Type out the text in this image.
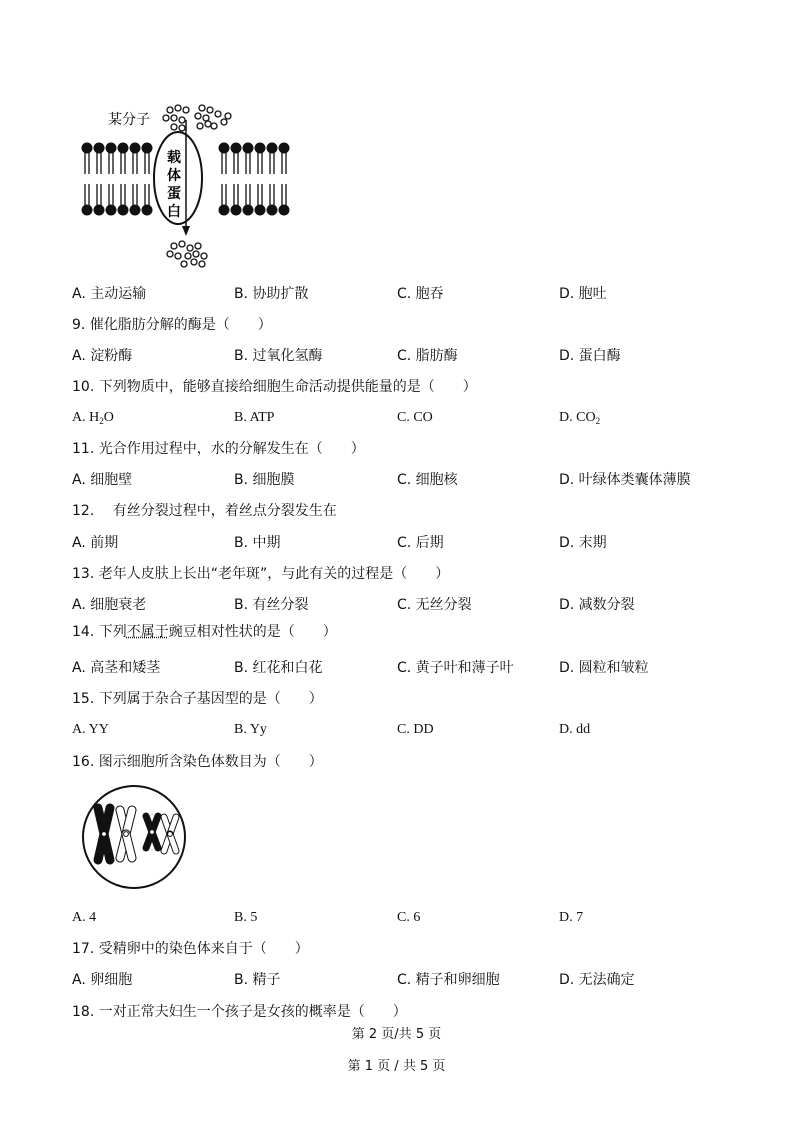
某分子
载
体
蛋
白
A. 主动运输	B. 协助扩散	C. 胞吞	D. 胞吐
9. 催化脂肪分解的酶是（　　）
A. 淀粉酶	B. 过氧化氢酶	C. 脂肪酶	D. 蛋白酶
10. 下列物质中，能够直接给细胞生命活动提供能量的是（　　）
A. $H_2O$	B. ATP	C. CO	D. $CO_2$
11. 光合作用过程中，水的分解发生在（　　）
A. 细胞壁	B. 细胞膜	C. 细胞核	D. 叶绿体类囊体薄膜
12.　 有丝分裂过程中，着丝点分裂发生在
A. 前期	B. 中期	C. 后期	D. 末期
13. 老年人皮肤上长出“老年斑”，与此有关的过程是（　　）
A. 细胞衰老	B. 有丝分裂	C. 无丝分裂	D. 减数分裂
14. 下列不属于豌豆相对性状的是（　　）
A. 高茎和矮茎	B. 红花和白花	C. 黄子叶和薄子叶	D. 圆粒和皱粒
15. 下列属于杂合子基因型的是（　　）
A. YY	B. Yy	C. DD	D. dd
16. 图示细胞所含染色体数目为（　　）
A. 4	B. 5	C. 6	D. 7
17. 受精卵中的染色体来自于（　　）
A. 卵细胞	B. 精子	C. 精子和卵细胞	D. 无法确定
18. 一对正常夫妇生一个孩子是女孩的概率是（　　）
第 2 页/共 5 页
第 1 页 / 共 5 页
